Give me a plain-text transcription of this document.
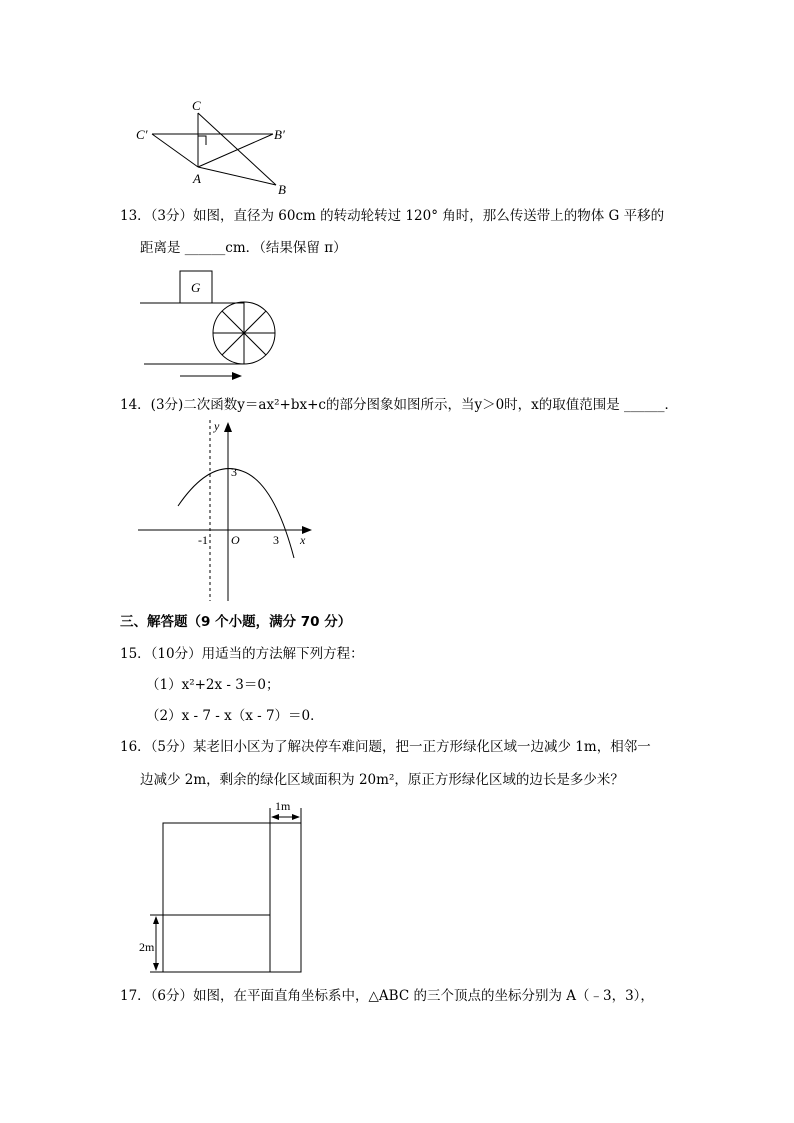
C
C′	B′
A
B
13．（3分）如图，直径为 60cm 的转动轮转过 120° 角时，那么传送带上的物体 G 平移的
距离是 ______cm．（结果保留 π）
G
14．(3分)二次函数y＝ax²+bx+c的部分图象如图所示，当y＞0时，x的取值范围是 ______．
y
x
O
3
-1	3
三、解答题（9 个小题，满分 70 分）
15．（10分）用适当的方法解下列方程：
（1）x²+2x - 3＝0；
（2）x - 7 - x（x - 7）＝0．
16．（5分）某老旧小区为了解决停车难问题，把一正方形绿化区域一边减少 1m，相邻一
边减少 2m，剩余的绿化区域面积为 20m²，原正方形绿化区域的边长是多少米？
1m
2m
17．（6分）如图，在平面直角坐标系中，△ABC 的三个顶点的坐标分别为 A（﹣3，3），
